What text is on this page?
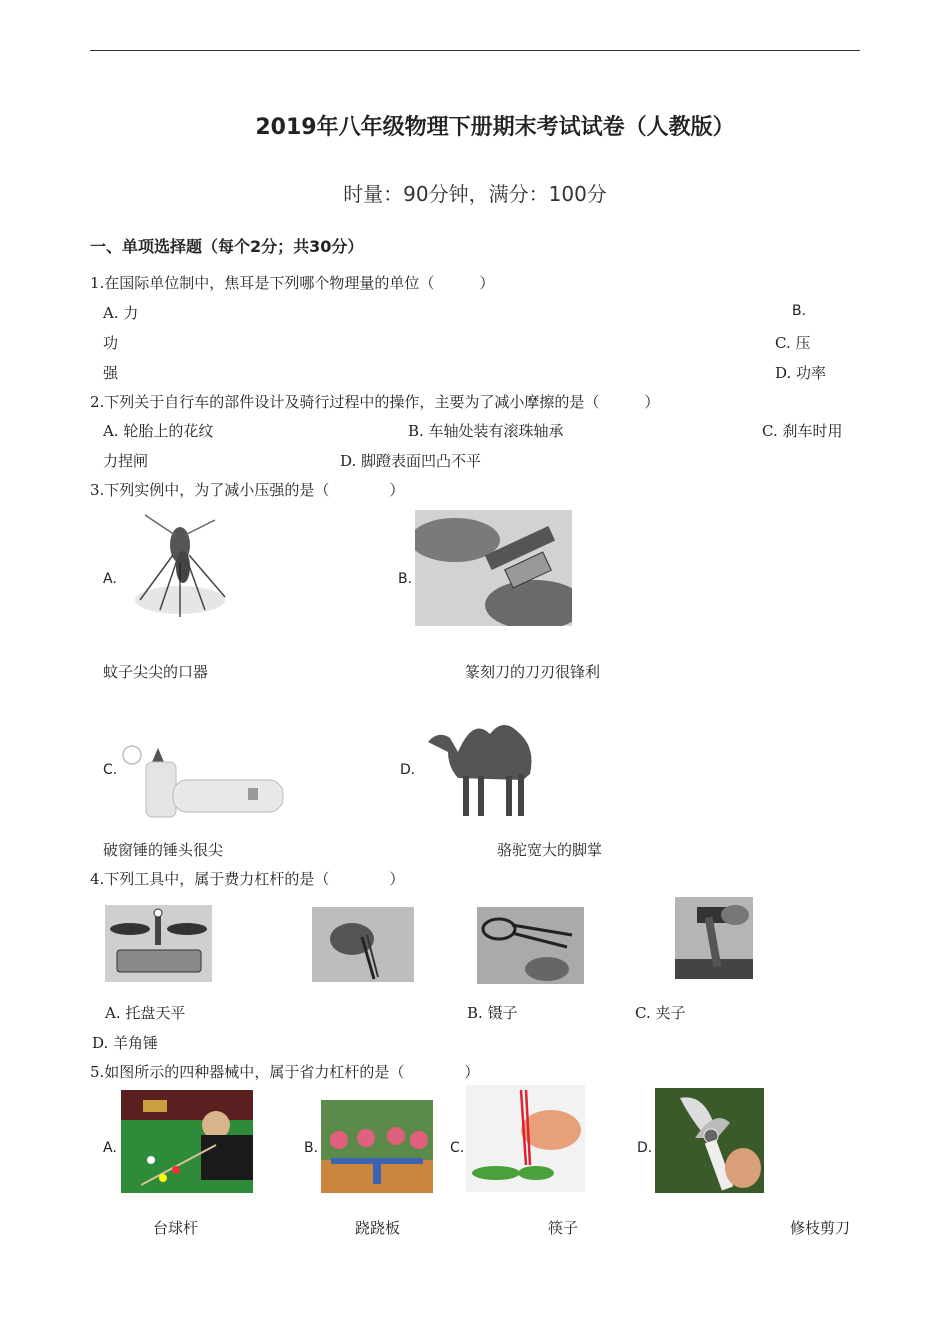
2019年八年级物理下册期末考试试卷（人教版）
时量：90分钟，满分：100分
一、单项选择题（每个2分；共30分）
1.在国际单位制中，焦耳是下列哪个物理量的单位（　　　）
A. 力	B.
功	C. 压
强	D. 功率
2.下列关于自行车的部件设计及骑行过程中的操作，主要为了减小摩擦的是（　　　）
A. 轮胎上的花纹	B. 车轴处装有滚珠轴承	C. 刹车时用
力捏闸	D. 脚蹬表面凹凸不平
3.下列实例中，为了减小压强的是（　　　　）
A.
蚊子尖尖的口器
B.
篆刻刀的刀刃很锋利
C.
破窗锤的锤头很尖
D.
骆驼宽大的脚掌
4.下列工具中，属于费力杠杆的是（　　　　）
A. 托盘天平	B. 镊子	C. 夹子
D. 羊角锤
5.如图所示的四种器械中，属于省力杠杆的是（　　　　）
A.
台球杆
B.
跷跷板
C.
筷子
D.
修枝剪刀
